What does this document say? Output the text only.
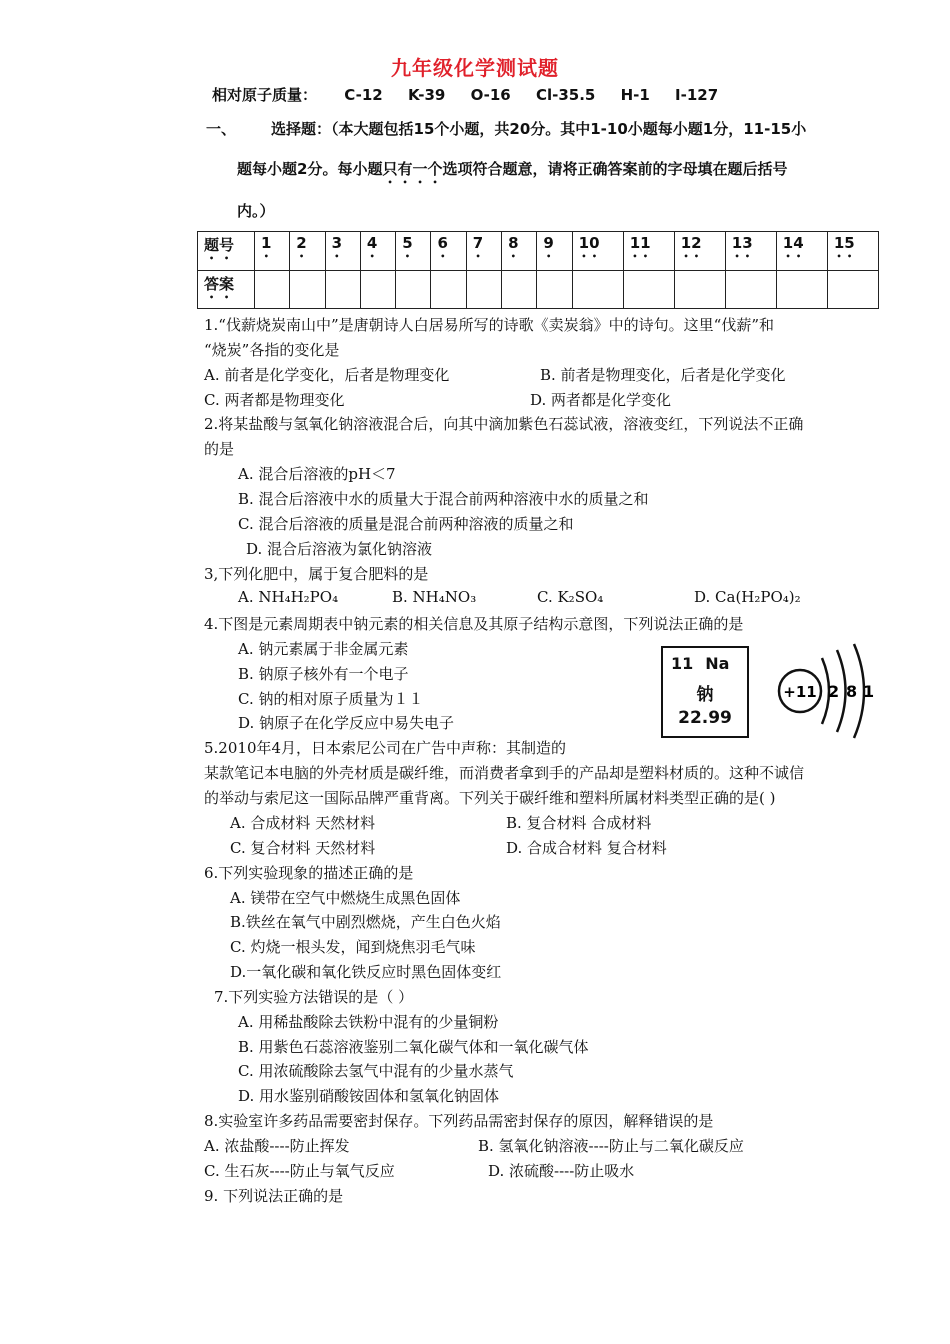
九年级化学测试题
相对原子质量： C-12 K-39 O-16 Cl-35.5 H-1 I-127
一、 选择题：（本大题包括15个小题，共20分。其中1-10小题每小题1分，11-15小
题每小题2分。每小题只有一个选项符合题意，请将正确答案前的字母填在题后括号
内。）
题号	1	2	3	4	5	6	7	8	9	10	11	12	13	14	15
答案															
1.“伐薪烧炭南山中”是唐朝诗人白居易所写的诗歌《卖炭翁》中的诗句。这里“伐薪”和
“烧炭”各指的变化是
A. 前者是化学变化，后者是物理变化	B. 前者是物理变化，后者是化学变化
C. 两者都是物理变化	D. 两者都是化学变化
2.将某盐酸与氢氧化钠溶液混合后，向其中滴加紫色石蕊试液，溶液变红，下列说法不正确
的是
A. 混合后溶液的pH＜7
B. 混合后溶液中水的质量大于混合前两种溶液中水的质量之和
C. 混合后溶液的质量是混合前两种溶液的质量之和
D. 混合后溶液为氯化钠溶液
3,下列化肥中，属于复合肥料的是
A. NH₄H₂PO₄	B. NH₄NO₃	C. K₂SO₄	D. Ca(H₂PO₄)₂
4.下图是元素周期表中钠元素的相关信息及其原子结构示意图，下列说法正确的是
A. 钠元素属于非金属元素
B. 钠原子核外有一个电子
C. 钠的相对原子质量为１１
D. 钠原子在化学反应中易失电子
11 Na
钠
22.99
+11 2 8 1
5.2010年4月，日本索尼公司在广告中声称：其制造的
某款笔记本电脑的外壳材质是碳纤维，而消费者拿到手的产品却是塑料材质的。这种不诚信
的举动与索尼这一国际品牌严重背离。下列关于碳纤维和塑料所属材料类型正确的是( )
A. 合成材料 天然材料	B. 复合材料 合成材料
C. 复合材料 天然材料	D. 合成合材料 复合材料
6.下列实验现象的描述正确的是
A. 镁带在空气中燃烧生成黑色固体
B.铁丝在氧气中剧烈燃烧，产生白色火焰
C. 灼烧一根头发，闻到烧焦羽毛气味
D.一氧化碳和氧化铁反应时黑色固体变红
7.下列实验方法错误的是（ ）
A. 用稀盐酸除去铁粉中混有的少量铜粉
B. 用紫色石蕊溶液鉴别二氧化碳气体和一氧化碳气体
C. 用浓硫酸除去氢气中混有的少量水蒸气
D. 用水鉴别硝酸铵固体和氢氧化钠固体
8.实验室许多药品需要密封保存。下列药品需密封保存的原因，解释错误的是
A. 浓盐酸----防止挥发	B. 氢氧化钠溶液----防止与二氧化碳反应
C. 生石灰----防止与氧气反应	D. 浓硫酸----防止吸水
9. 下列说法正确的是
